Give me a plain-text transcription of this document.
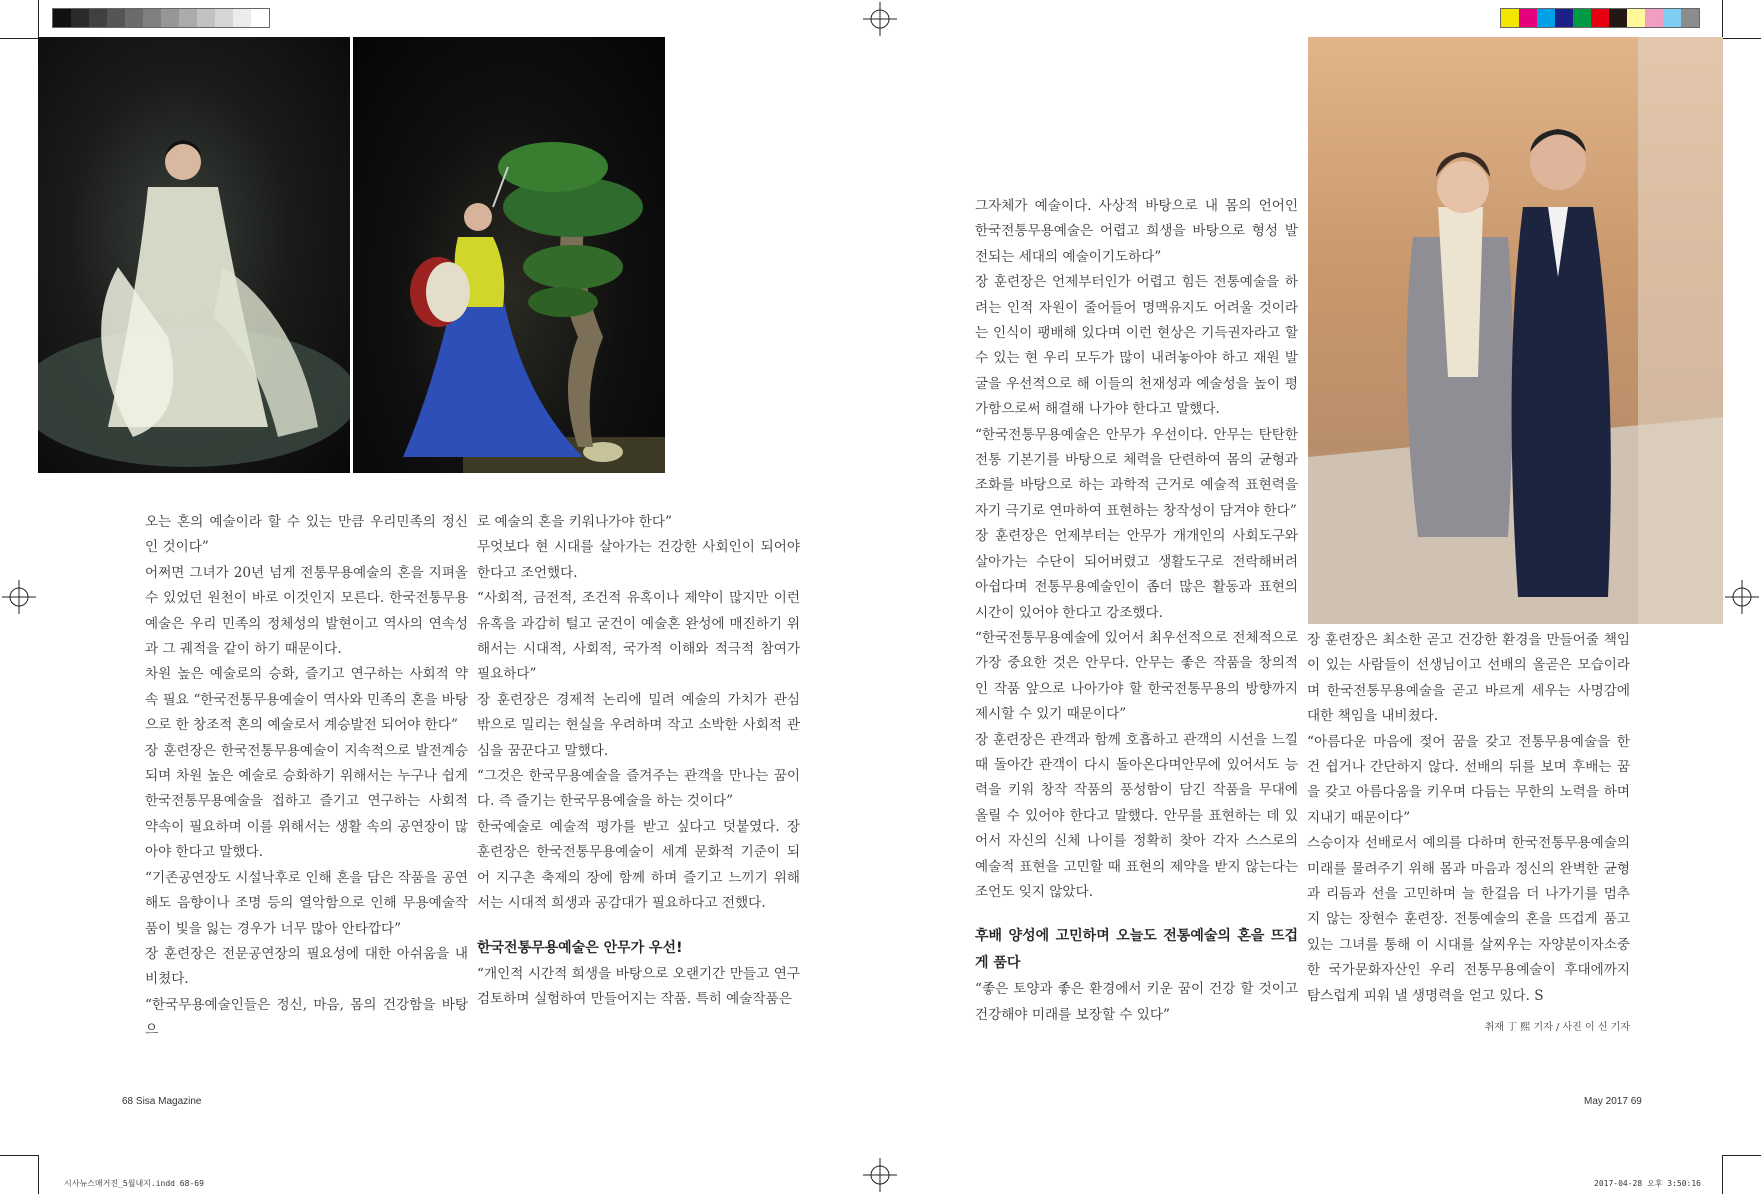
오는 혼의 예술이라 할 수 있는 만큼 우리민족의 정신인 것이다”

어쩌면 그녀가 20년 넘게 전통무용예술의 혼을 지펴올 수 있었던 원천이 바로 이것인지 모른다. 한국전통무용예술은 우리 민족의 정체성의 발현이고 역사의 연속성과 그 궤적을 같이 하기 때문이다.

차원 높은 예술로의 승화, 즐기고 연구하는 사회적 약속 필요 “한국전통무용예술이 역사와 민족의 혼을 바탕으로 한 창조적 혼의 예술로서 계승발전 되어야 한다”

장 훈련장은 한국전통무용예술이 지속적으로 발전계승되며 차원 높은 예술로 승화하기 위해서는 누구나 쉽게 한국전통무용예술을 접하고 즐기고 연구하는 사회적 약속이 필요하며 이를 위해서는 생활 속의 공연장이 많아야 한다고 말했다.

“기존공연장도 시설낙후로 인해 혼을 담은 작품을 공연해도 음향이나 조명 등의 열악함으로 인해 무용예술작품이 빛을 잃는 경우가 너무 많아 안타깝다”

장 훈련장은 전문공연장의 필요성에 대한 아쉬움을 내비쳤다.

“한국무용예술인들은 정신, 마음, 몸의 건강함을 바탕으

로 예술의 혼을 키워나가야 한다”

무엇보다 현 시대를 살아가는 건강한 사회인이 되어야 한다고 조언했다.

“사회적, 금전적, 조건적 유혹이나 제약이 많지만 이런 유혹을 과감히 털고 굳건이 예술혼 완성에 매진하기 위해서는 시대적, 사회적, 국가적 이해와 적극적 참여가 필요하다”

장 훈련장은 경제적 논리에 밀려 예술의 가치가 관심 밖으로 밀리는 현실을 우려하며 작고 소박한 사회적 관심을 꿈꾼다고 말했다.

“그것은 한국무용예술을 즐겨주는 관객을 만나는 꿈이다. 즉 즐기는 한국무용예술을 하는 것이다”

한국예술로 예술적 평가를 받고 싶다고 덧붙였다. 장 훈련장은 한국전통무용예술이 세계 문화적 기준이 되어 지구촌 축제의 장에 함께 하며 즐기고 느끼기 위해서는 시대적 희생과 공감대가 필요하다고 전했다.

한국전통무용예술은 안무가 우선!

“개인적 시간적 희생을 바탕으로 오랜기간 만들고 연구 검토하며 실험하여 만들어지는 작품. 특히 예술작품은

68 Sisa Magazine

그자체가 예술이다. 사상적 바탕으로 내 몸의 언어인 한국전통무용예술은 어렵고 희생을 바탕으로 형성 발전되는 세대의 예술이기도하다”

장 훈련장은 언제부터인가 어렵고 힘든 전통예술을 하려는 인적 자원이 줄어들어 명맥유지도 어려울 것이라는 인식이 팽배해 있다며 이런 현상은 기득권자라고 할 수 있는 현 우리 모두가 많이 내려놓아야 하고 재원 발굴을 우선적으로 해 이들의 천재성과 예술성을 높이 평가함으로써 해결해 나가야 한다고 말했다.

“한국전통무용예술은 안무가 우선이다. 안무는 탄탄한 전통 기본기를 바탕으로 체력을 단련하여 몸의 균형과 조화를 바탕으로 하는 과학적 근거로 예술적 표현력을 자기 극기로 연마하여 표현하는 창작성이 담겨야 한다”

장 훈련장은 언제부터는 안무가 개개인의 사회도구와 살아가는 수단이 되어버렸고 생활도구로 전락해버려 아쉽다며 전통무용예술인이 좀더 많은 활동과 표현의 시간이 있어야 한다고 강조했다.

“한국전통무용예술에 있어서 최우선적으로 전체적으로 가장 중요한 것은 안무다. 안무는 좋은 작품을 창의적인 작품 앞으로 나아가야 할 한국전통무용의 방향까지 제시할 수 있기 때문이다”

장 훈련장은 관객과 함께 호흡하고 관객의 시선을 느낄 때 돌아간 관객이 다시 돌아온다며안무에 있어서도 능력을 키워 창작 작품의 풍성함이 담긴 작품을 무대에 올릴 수 있어야 한다고 말했다. 안무를 표현하는 데 있어서 자신의 신체 나이를 정확히 찾아 각자 스스로의 예술적 표현을 고민할 때 표현의 제약을 받지 않는다는 조언도 잊지 않았다.

후배 양성에 고민하며 오늘도 전통예술의 혼을 뜨겁게 품다

“좋은 토양과 좋은 환경에서 키운 꿈이 건강 할 것이고 건강해야 미래를 보장할 수 있다”

장 훈련장은 최소한 곧고 건강한 환경을 만들어줄 책임이 있는 사람들이 선생님이고 선배의 올곧은 모습이라며 한국전통무용예술을 곧고 바르게 세우는 사명감에 대한 책임을 내비쳤다.

“아름다운 마음에 젖어 꿈을 갖고 전통무용예술을 한 건 쉽거나 간단하지 않다. 선배의 뒤를 보며 후배는 꿈을 갖고 아름다움을 키우며 다듬는 무한의 노력을 하며 지내기 때문이다”

스승이자 선배로서 예의를 다하며 한국전통무용예술의 미래를 물려주기 위해 몸과 마음과 정신의 완벽한 균형과 리듬과 선을 고민하며 늘 한걸음 더 나가기를 멈추지 않는 장현수 훈련장. 전통예술의 혼을 뜨겁게 품고 있는 그녀를 통해 이 시대를 살찌우는 자양분이자소중한 국가문화자산인 우리 전통무용예술이 후대에까지 탐스럽게 피워 낼 생명력을 얻고 있다. S

취재 丁 熙 기자 / 사진 이 신 기자
May 2017 69
시사뉴스매거진_5월내지.indd 68-69	2017-04-28 오후 3:50:16
